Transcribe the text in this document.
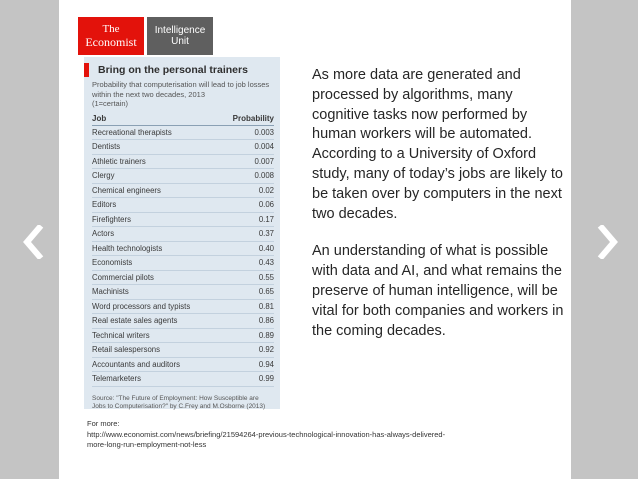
The
Economist
Intelligence
Unit
Bring on the personal trainers
Probability that computerisation will lead to job losses within the next two decades, 2013
(1=certain)
Job	Probability
Recreational therapists	0.003
Dentists	0.004
Athletic trainers	0.007
Clergy	0.008
Chemical engineers	0.02
Editors	0.06
Firefighters	0.17
Actors	0.37
Health technologists	0.40
Economists	0.43
Commercial pilots	0.55
Machinists	0.65
Word processors and typists	0.81
Real estate sales agents	0.86
Technical writers	0.89
Retail salespersons	0.92
Accountants and auditors	0.94
Telemarketers	0.99
Source: "The Future of Employment: How Susceptible are Jobs to Computerisation?" by C.Frey and M.Osborne (2013)

As more data are generated and processed by algorithms, many cognitive tasks now performed by human workers will be automated. According to a University of Oxford study, many of today’s jobs are likely to be taken over by computers in the next two decades.

An understanding of what is possible with data and AI, and what remains the preserve of human intelligence, will be vital for both companies and workers in the coming decades.

For more:
http://www.economist.com/news/briefing/21594264-previous-technological-innovation-has-always-delivered-more-long-run-employment-not-less
